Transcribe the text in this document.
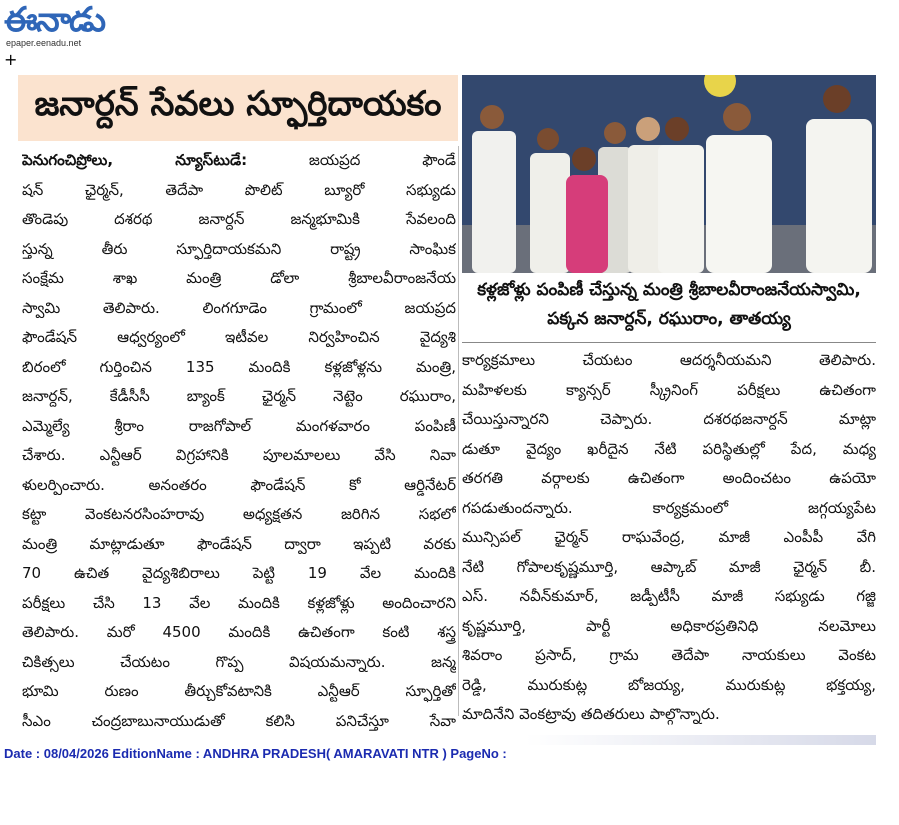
ఈనాడు
epaper.eenadu.net
+
జనార్దన్ సేవలు స్ఫూర్తిదాయకం
కళ్లజోళ్లు పంపిణీ చేస్తున్న మంత్రి శ్రీబాలవీరాంజనేయస్వామి,
పక్కన జనార్దన్, రఘురాం, తాతయ్య
పెనుగంచిప్రోలు, న్యూస్‌టుడే: జయప్రద ఫౌండే
షన్ ఛైర్మన్, తెదేపా పొలిట్ బ్యూరో సభ్యుడు
తొండెపు దశరథ జనార్దన్ జన్మభూమికి సేవలంది
స్తున్న తీరు స్ఫూర్తిదాయకమని రాష్ట్ర సాంఘిక
సంక్షేమ శాఖ మంత్రి డోలా శ్రీబాలవీరాంజనేయ
స్వామి తెలిపారు. లింగగూడెం గ్రామంలో జయప్రద
ఫౌండేషన్ ఆధ్వర్యంలో ఇటీవల నిర్వహించిన వైద్యశి
బిరంలో గుర్తించిన 135 మందికి కళ్లజోళ్లను మంత్రి,
జనార్దన్, కేడీసీసీ బ్యాంక్ ఛైర్మన్ నెట్టెం రఘురాం,
ఎమ్మెల్యే శ్రీరాం రాజగోపాల్ మంగళవారం పంపిణీ
చేశారు. ఎన్టీఆర్ విగ్రహానికి పూలమాలలు వేసి నివా
ళులర్పించారు. అనంతరం ఫౌండేషన్ కో ఆర్డినేటర్
కట్టా వెంకటనరసింహరావు అధ్యక్షతన జరిగిన సభలో
మంత్రి మాట్లాడుతూ ఫౌండేషన్ ద్వారా ఇప్పటి వరకు
70 ఉచిత వైద్యశిబిరాలు పెట్టి 19 వేల మందికి
పరీక్షలు చేసి 13 వేల మందికి కళ్లజోళ్లు అందించారని
తెలిపారు. మరో 4500 మందికి ఉచితంగా కంటి శస్త్ర
చికిత్సలు చేయటం గొప్ప విషయమన్నారు. జన్మ
భూమి రుణం తీర్చుకోవటానికి ఎన్టీఆర్ స్ఫూర్తితో
సీఎం చంద్రబాబునాయుడుతో కలిసి పనిచేస్తూ సేవా
కార్యక్రమాలు చేయటం ఆదర్శనీయమని తెలిపారు.
మహిళలకు క్యాన్సర్ స్క్రీనింగ్ పరీక్షలు ఉచితంగా
చేయిస్తున్నారని చెప్పారు. దశరథజనార్దన్ మాట్లా
డుతూ వైద్యం ఖరీదైన నేటి పరిస్థితుల్లో పేద, మధ్య
తరగతి వర్గాలకు ఉచితంగా అందించటం ఉపయో
గపడుతుందన్నారు. కార్యక్రమంలో జగ్గయ్యపేట
మున్సిపల్ ఛైర్మన్ రాఘవేంద్ర, మాజీ ఎంపీపీ వేగి
నేటి గోపాలకృష్ణమూర్తి, ఆప్కాబ్ మాజీ ఛైర్మన్ బీ.
ఎస్. నవీన్‌కుమార్, జడ్పీటీసీ మాజీ సభ్యుడు గజ్జి
కృష్ణమూర్తి, పార్టీ అధికారప్రతినిధి నలమోలు
శివరాం ప్రసాద్, గ్రామ తెదేపా నాయకులు వెంకట
రెడ్డి, మురుకుట్ల బోజయ్య, మురుకుట్ల భక్తయ్య,
మాదినేని వెంకట్రావు తదితరులు పాల్గొన్నారు.
Date : 08/04/2026 EditionName : ANDHRA PRADESH( AMARAVATI NTR ) PageNo :
